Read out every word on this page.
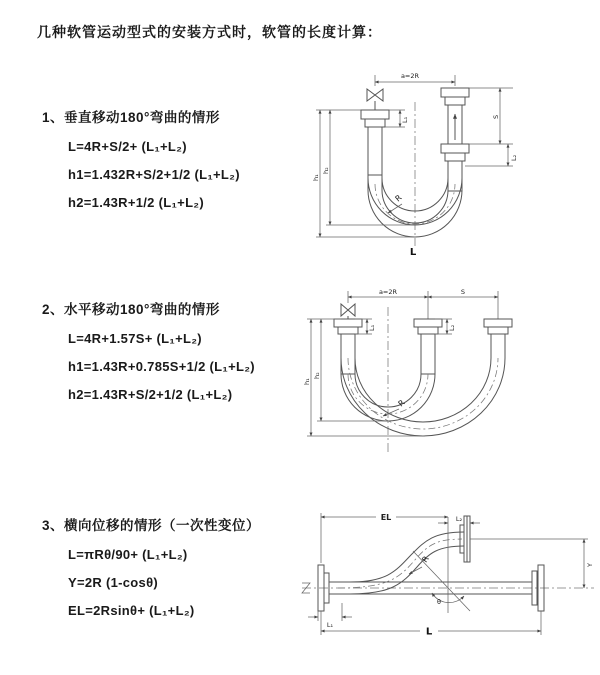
几种软管运动型式的安装方式时，软管的长度计算：

1、垂直移动180°弯曲的情形

L=4R+S/2+ (L₁+L₂)

h1=1.432R+S/2+1/2 (L₁+L₂)

h2=1.43R+1/2 (L₁+L₂)

a=2R
L₁	S
L₂
h₁
h₂
R
L

2、水平移动180°弯曲的情形

L=4R+1.57S+ (L₁+L₂)

h1=1.43R+0.785S+1/2 (L₁+L₂)

h2=1.43R+S/2+1/2 (L₁+L₂)

a=2R	S
L₁	L₂
h₁
h₂
R

3、横向位移的情形（一次性变位）

L=πRθ/90+ (L₁+L₂)

Y=2R (1-cosθ)

EL=2Rsinθ+ (L₁+L₂)

EL	L₂
Y
L
L₁
R
θ
